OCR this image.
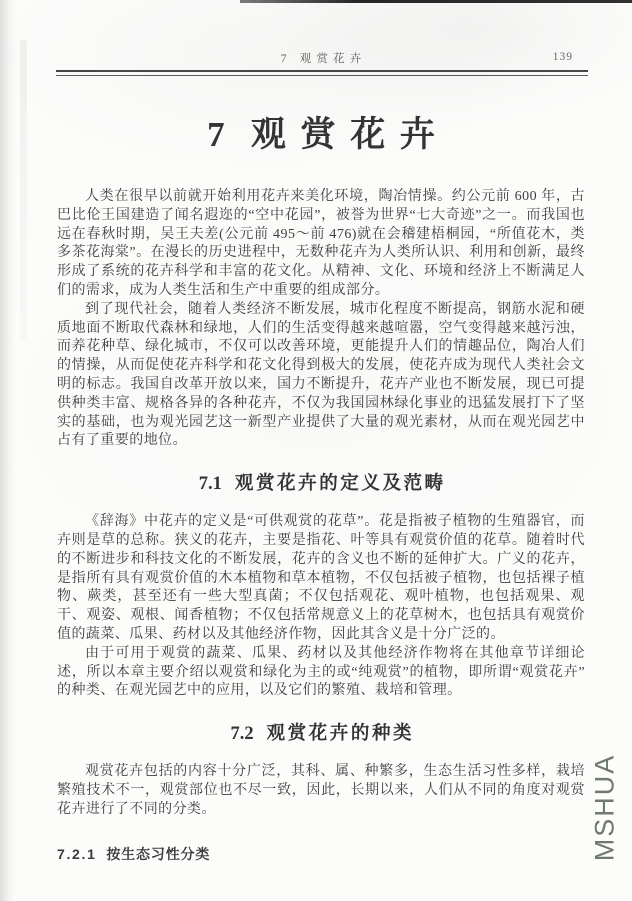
7 观赏花卉	139
7 观赏花卉

人类在很早以前就开始利用花卉来美化环境，陶冶情操。约公元前 600 年，古巴比伦王国建造了闻名遐迩的“空中花园”，被誉为世界“七大奇迹”之一。而我国也远在春秋时期，吴王夫差(公元前 495～前 476)就在会稽建梧桐园，“所值花木，类多茶花海棠”。在漫长的历史进程中，无数种花卉为人类所认识、利用和创新，最终形成了系统的花卉科学和丰富的花文化。从精神、文化、环境和经济上不断满足人们的需求，成为人类生活和生产中重要的组成部分。

到了现代社会，随着人类经济不断发展，城市化程度不断提高，钢筋水泥和硬质地面不断取代森林和绿地，人们的生活变得越来越喧嚣，空气变得越来越污浊，而养花种草、绿化城市，不仅可以改善环境，更能提升人们的情趣品位，陶冶人们的情操，从而促使花卉科学和花文化得到极大的发展，使花卉成为现代人类社会文明的标志。我国自改革开放以来，国力不断提升，花卉产业也不断发展，现已可提供种类丰富、规格各异的各种花卉，不仅为我国园林绿化事业的迅猛发展打下了坚实的基础，也为观光园艺这一新型产业提供了大量的观光素材，从而在观光园艺中占有了重要的地位。

7.1 观赏花卉的定义及范畴

《辞海》中花卉的定义是“可供观赏的花草”。花是指被子植物的生殖器官，而卉则是草的总称。狭义的花卉，主要是指花、叶等具有观赏价值的花草。随着时代的不断进步和科技文化的不断发展，花卉的含义也不断的延伸扩大。广义的花卉，是指所有具有观赏价值的木本植物和草本植物，不仅包括被子植物，也包括裸子植物、蕨类，甚至还有一些大型真菌；不仅包括观花、观叶植物，也包括观果、观干、观姿、观根、闻香植物；不仅包括常规意义上的花草树木，也包括具有观赏价值的蔬菜、瓜果、药材以及其他经济作物，因此其含义是十分广泛的。

由于可用于观赏的蔬菜、瓜果、药材以及其他经济作物将在其他章节详细论述，所以本章主要介绍以观赏和绿化为主的或“纯观赏”的植物，即所谓“观赏花卉”的种类、在观光园艺中的应用，以及它们的繁殖、栽培和管理。

7.2 观赏花卉的种类

观赏花卉包括的内容十分广泛，其科、属、种繁多，生态生活习性多样，栽培繁殖技术不一，观赏部位也不尽一致，因此，长期以来，人们从不同的角度对观赏花卉进行了不同的分类。

7.2.1 按生态习性分类	MSHUA
